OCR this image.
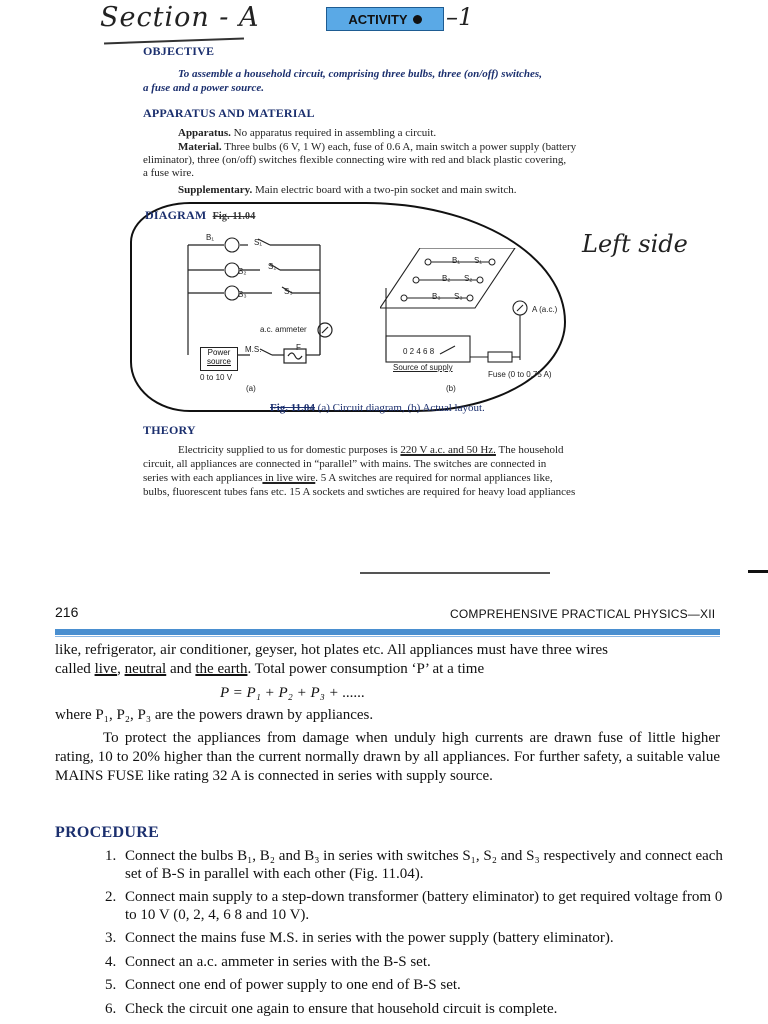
Section - A	ACTIVITY –1
OBJECTIVE
To assemble a household circuit, comprising three bulbs, three (on/off) switches,
a fuse and a power source.
APPARATUS AND MATERIAL
Apparatus. No apparatus required in assembling a circuit.
Material. Three bulbs (6 V, 1 W) each, fuse of 0.6 A, main switch a power supply (battery
eliminator), three (on/off) switches flexible connecting wire with red and black plastic covering,
a fuse wire.
Supplementary. Main electric board with a two-pin socket and main switch.
DIAGRAM Fig. 11.04
Left side
B₁
S₁
B₂
S₂
B₃	S₃
a.c. ammeter
M.S.	F
Power
source
0 to 10 V
(a)
B₁ S₁
B₂ S₂
B₃ S₃
A (a.c.)
0 2 4 6 8
Source of supply
Fuse (0 to 0.75 A)
(b)
Fig. 11.04 (a) Circuit diagram, (b) Actual layout.
THEORY
Electricity supplied to us for domestic purposes is 220 V a.c. and 50 Hz. The household
circuit, all appliances are connected in “parallel” with mains. The switches are connected in
series with each appliances in live wire. 5 A switches are required for normal appliances like,
bulbs, fluorescent tubes fans etc. 15 A sockets and swtiches are required for heavy load appliances
216	COMPREHENSIVE PRACTICAL PHYSICS—XII
like, refrigerator, air conditioner, geyser, hot plates etc. All appliances must have three wires
called live, neutral and the earth. Total power consumption ‘P’ at a time
P = P₁ + P₂ + P₃ + ......
where P₁, P₂, P₃ are the powers drawn by appliances.
To protect the appliances from damage when unduly high currents are drawn fuse of little higher rating, 10 to 20% higher than the current normally drawn by all appliances. For further safety, a suitable value MAINS FUSE like rating 32 A is connected in series with supply source.
PROCEDURE
1. Connect the bulbs B₁, B₂ and B₃ in series with switches S₁, S₂ and S₃ respectively and connect each set of B-S in parallel with each other (Fig. 11.04).
2. Connect main supply to a step-down transformer (battery eliminator) to get required voltage from 0 to 10 V (0, 2, 4, 6 8 and 10 V).
3. Connect the mains fuse M.S. in series with the power supply (battery eliminator).
4. Connect an a.c. ammeter in series with the B-S set.
5. Connect one end of power supply to one end of B-S set.
6. Check the circuit one again to ensure that household circuit is complete.
